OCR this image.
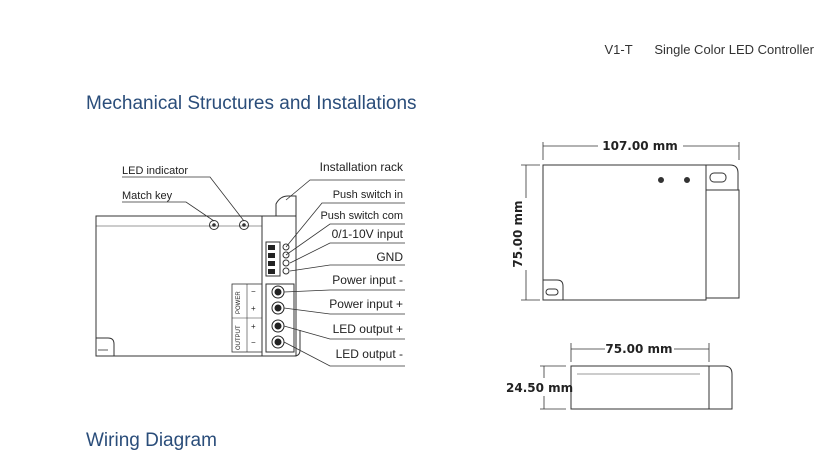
V1-T Single Color LED Controller
Mechanical Structures and Installations
Wiring Diagram
POWER
OUTPUT
−
+
+
−
LED indicator
Match key
Installation rack
Push switch in
Push switch com
0/1-10V input
GND
Power input -
Power input +
LED output +
LED output -
107.00 mm
75.00 mm
75.00 mm
24.50 mm
